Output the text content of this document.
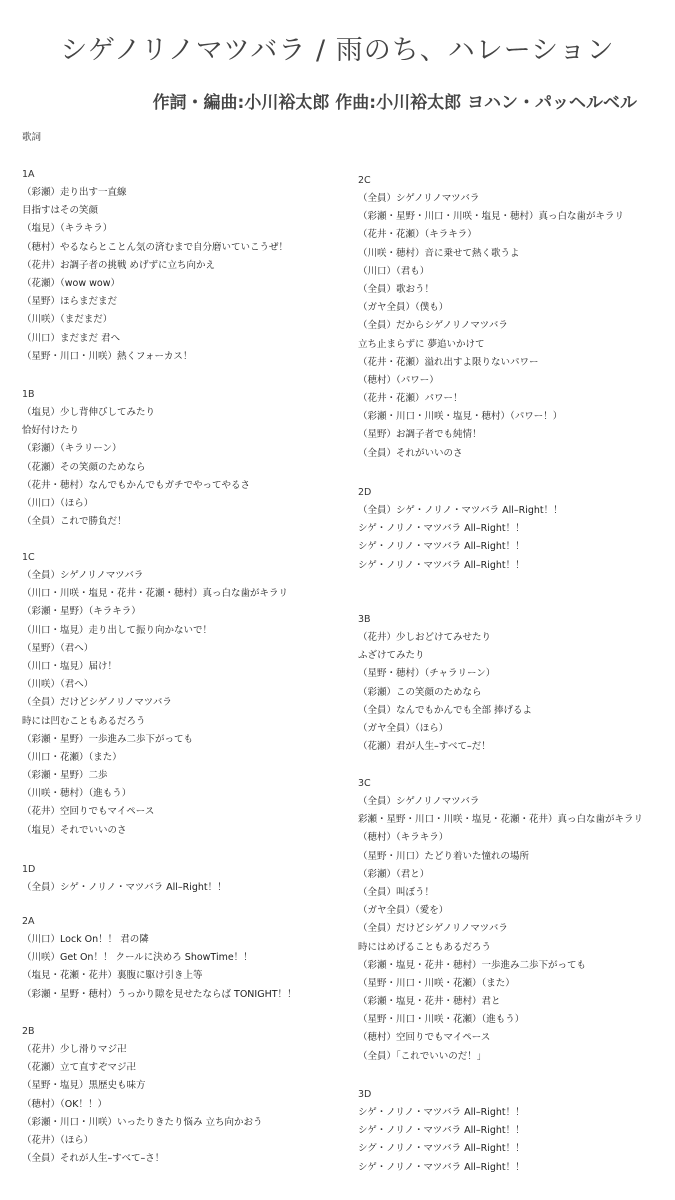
シゲノリノマツバラ / 雨のち、ハレーション
作詞・編曲:小川裕太郎 作曲:小川裕太郎 ヨハン・パッヘルベル
歌詞
1A
（彩瀬）走り出す一直線
目指すはその笑顔
（塩見）（キラキラ）
（穂村）やるならとことん気の済むまで自分磨いていこうぜ！
（花井）お調子者の挑戦 めげずに立ち向かえ
（花瀬）（wow wow）
（星野）ほらまだまだ
（川咲）（まだまだ）
（川口）まだまだ 君へ
（星野・川口・川咲）熱くフォーカス！
1B
（塩見）少し背伸びしてみたり
恰好付けたり
（彩瀬）（キラリーン）
（花瀬）その笑顔のためなら
（花井・穂村）なんでもかんでもガチでやってやるさ
（川口）（ほら）
（全員）これで勝負だ！
1C
（全員）シゲノリノマツバラ
（川口・川咲・塩見・花井・花瀬・穂村）真っ白な歯がキラリ
（彩瀬・星野）（キラキラ）
（川口・塩見）走り出して振り向かないで！
（星野）（君へ）
（川口・塩見）届け！
（川咲）（君へ）
（全員）だけどシゲノリノマツバラ
時には凹むこともあるだろう
（彩瀬・星野）一歩進み二歩下がっても
（川口・花瀬）（また）
（彩瀬・星野）二歩
（川咲・穂村）（進もう）
（花井）空回りでもマイペース
（塩見）それでいいのさ
1D
（全員）シゲ・ノリノ・マツバラ All–Right！！
2A
（川口）Lock On！！ 君の隣
（川咲）Get On！！ クールに決めろ ShowTime！！
（塩見・花瀬・花井）裏腹に駆け引き上等
（彩瀬・星野・穂村）うっかり隙を見せたならば TONIGHT！！
2B
（花井）少し滑りマジ卍
（花瀬）立て直すぞマジ卍
（星野・塩見）黒歴史も味方
（穂村）（OK！！）
（彩瀬・川口・川咲）いったりきたり悩み 立ち向かおう
（花井）（ほら）
（全員）それが人生–すべて–さ！
2C
（全員）シゲノリノマツバラ
（彩瀬・星野・川口・川咲・塩見・穂村）真っ白な歯がキラリ
（花井・花瀬）（キラキラ）
（川咲・穂村）音に乗せて熱く歌うよ
（川口）（君も）
（全員）歌おう！
（ガヤ全員）（僕も）
（全員）だからシゲノリノマツバラ
立ち止まらずに 夢追いかけて
（花井・花瀬）溢れ出すよ限りないパワー
（穂村）（パワー）
（花井・花瀬）パワー！
（彩瀬・川口・川咲・塩見・穂村）（パワー！）
（星野）お調子者でも純情！
（全員）それがいいのさ
2D
（全員）シゲ・ノリノ・マツバラ All–Right！！
シゲ・ノリノ・マツバラ All–Right！！
シゲ・ノリノ・マツバラ All–Right！！
シゲ・ノリノ・マツバラ All–Right！！
3B
（花井）少しおどけてみせたり
ふざけてみたり
（星野・穂村）（チャラリーン）
（彩瀬）この笑顔のためなら
（全員）なんでもかんでも全部 捧げるよ
（ガヤ全員）（ほら）
（花瀬）君が人生–すべて–だ！
3C
（全員）シゲノリノマツバラ
彩瀬・星野・川口・川咲・塩見・花瀬・花井）真っ白な歯がキラリ
（穂村）（キラキラ）
（星野・川口）たどり着いた憧れの場所
（彩瀬）（君と）
（全員）叫ぼう！
（ガヤ全員）（愛を）
（全員）だけどシゲノリノマツバラ
時にはめげることもあるだろう
（彩瀬・塩見・花井・穂村）一歩進み二歩下がっても
（星野・川口・川咲・花瀬）（また）
（彩瀬・塩見・花井・穂村）君と
（星野・川口・川咲・花瀬）（進もう）
（穂村）空回りでもマイペース
（全員）「これでいいのだ！」
3D
シゲ・ノリノ・マツバラ All–Right！！
シゲ・ノリノ・マツバラ All–Right！！
シグ・ノリノ・マツバラ All–Right！！
シゲ・ノリノ・マツバラ All–Right！！
